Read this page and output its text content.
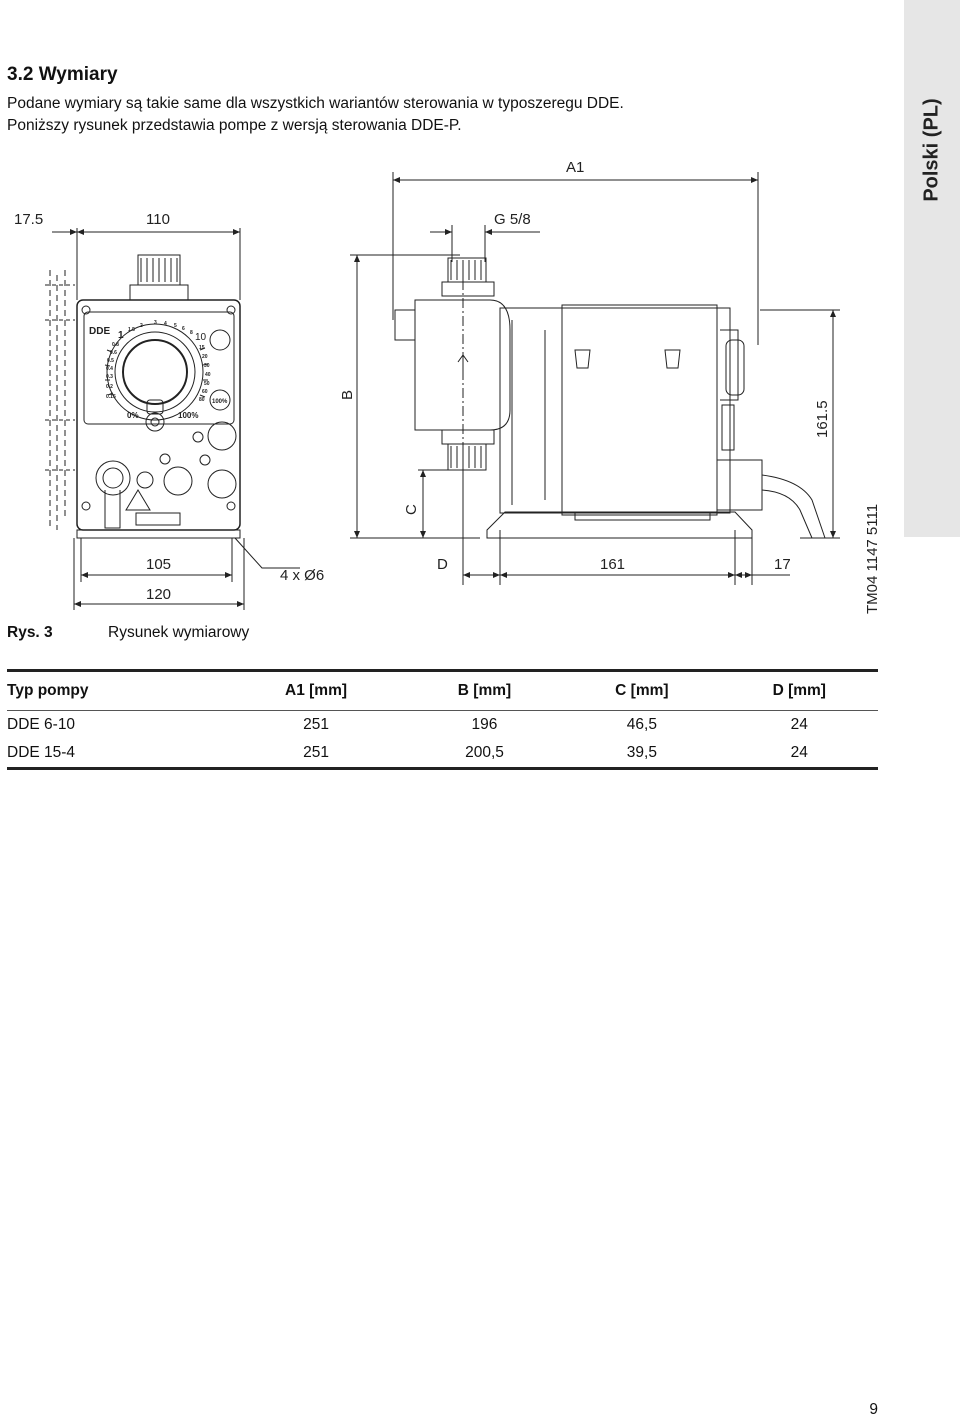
Polski (PL)
3.2 Wymiary
Podane wymiary są takie same dla wszystkich wariantów sterowania w typoszeregu DDE.
Poniższy rysunek przedstawia pompe z wersją sterowania DDE-P.
DDE 1	10
0%	100%
100%
1.5
2 3 4 5 6
8
0.8
0.6
0.5
0.4
0.3
0.2
0.15
15
20
30
40
50
60
80
17.5	110	G 5/8
A1
B
161.5
C
105
120
4 x Ø6
D	161	17	TM04 1147 5111
Rys. 3	Rysunek wymiarowy
Typ pompy	A1 [mm]	B [mm]	C [mm]	D [mm]
DDE 6-10	251	196	46,5	24
DDE 15-4	251	200,5	39,5	24
9
